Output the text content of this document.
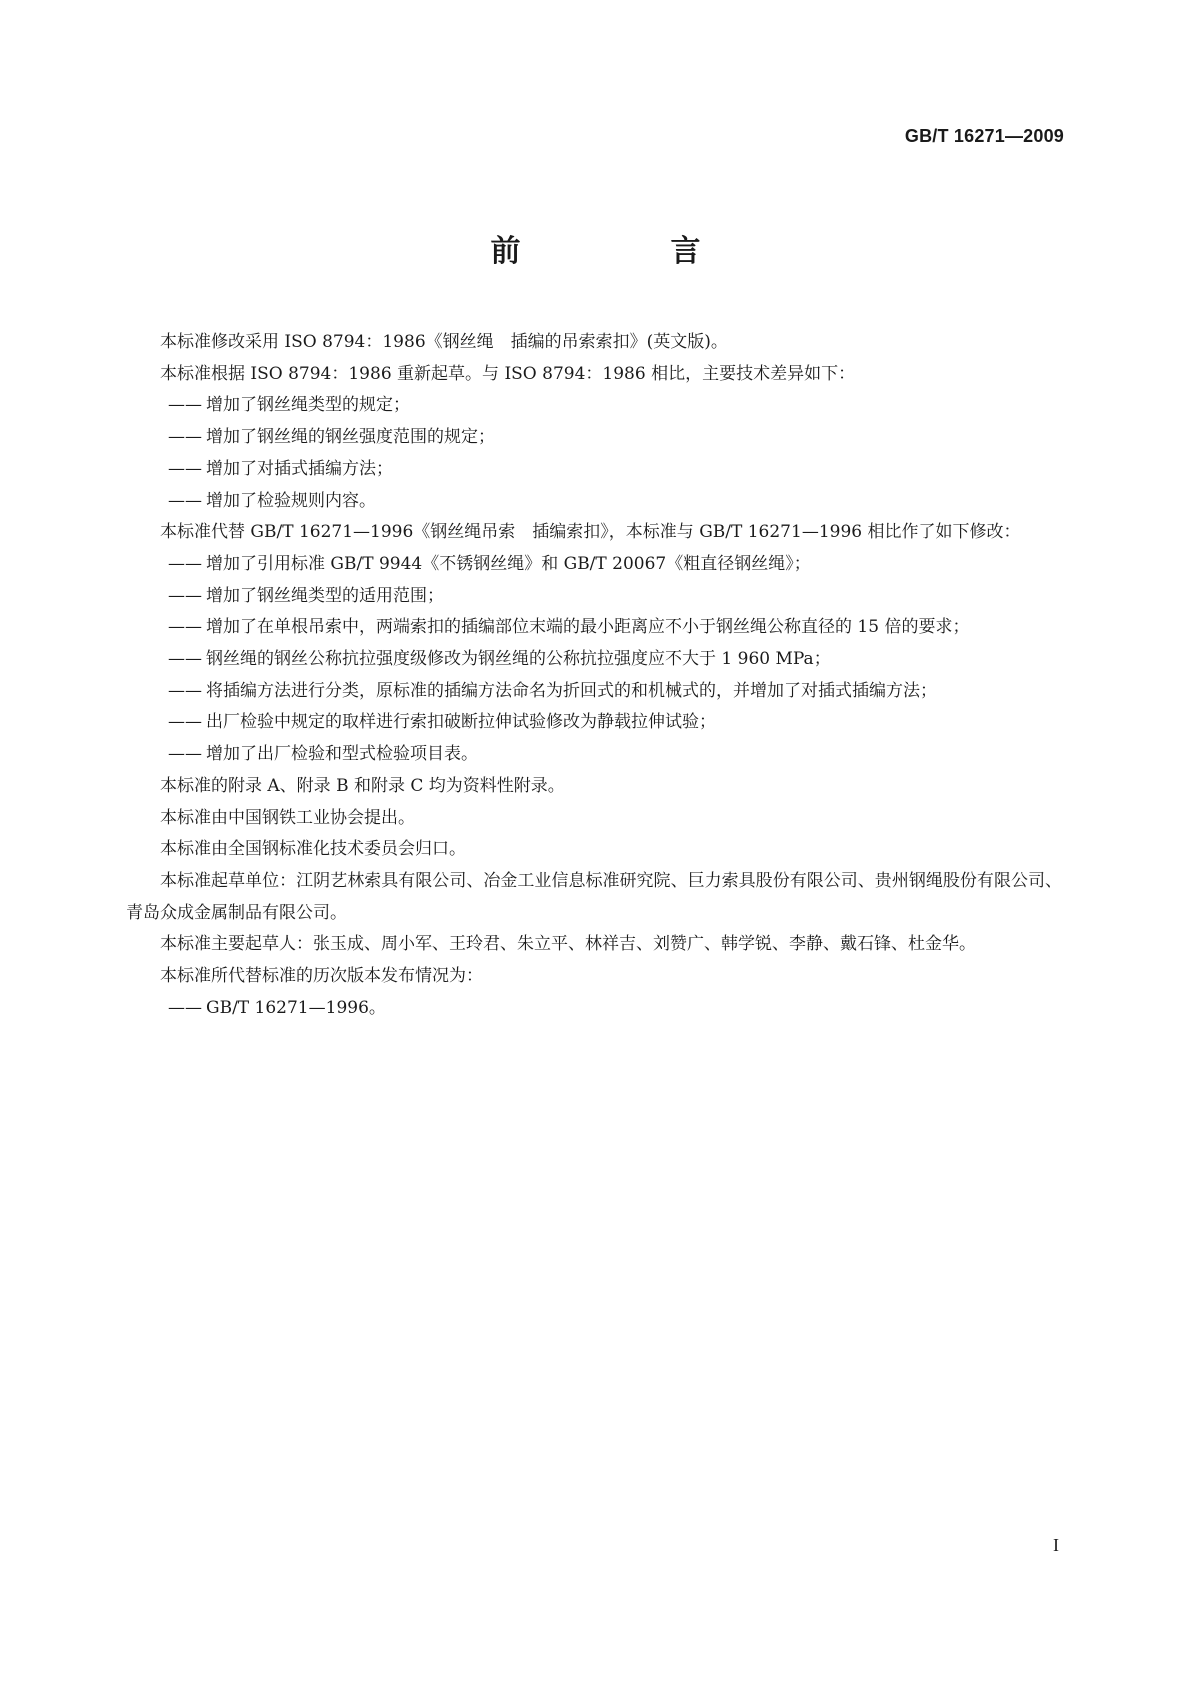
GB/T 16271—2009
前　言

本标准修改采用 ISO 8794：1986《钢丝绳　插编的吊索索扣》(英文版)。

本标准根据 ISO 8794：1986 重新起草。与 ISO 8794：1986 相比，主要技术差异如下：

—— 增加了钢丝绳类型的规定；
—— 增加了钢丝绳的钢丝强度范围的规定；
—— 增加了对插式插编方法；
—— 增加了检验规则内容。

本标准代替 GB/T 16271—1996《钢丝绳吊索　插编索扣》，本标准与 GB/T 16271—1996 相比作了如下修改：

—— 增加了引用标准 GB/T 9944《不锈钢丝绳》和 GB/T 20067《粗直径钢丝绳》；
—— 增加了钢丝绳类型的适用范围；
—— 增加了在单根吊索中，两端索扣的插编部位末端的最小距离应不小于钢丝绳公称直径的 15 倍的要求；
—— 钢丝绳的钢丝公称抗拉强度级修改为钢丝绳的公称抗拉强度应不大于 1 960 MPa；
—— 将插编方法进行分类，原标准的插编方法命名为折回式的和机械式的，并增加了对插式插编方法；
—— 出厂检验中规定的取样进行索扣破断拉伸试验修改为静载拉伸试验；
—— 增加了出厂检验和型式检验项目表。

本标准的附录 A、附录 B 和附录 C 均为资料性附录。

本标准由中国钢铁工业协会提出。

本标准由全国钢标准化技术委员会归口。

本标准起草单位：江阴艺林索具有限公司、冶金工业信息标准研究院、巨力索具股份有限公司、贵州钢绳股份有限公司、青岛众成金属制品有限公司。

本标准主要起草人：张玉成、周小军、王玲君、朱立平、林祥吉、刘赞广、韩学锐、李静、戴石锋、杜金华。

本标准所代替标准的历次版本发布情况为：

—— GB/T 16271—1996。
I
